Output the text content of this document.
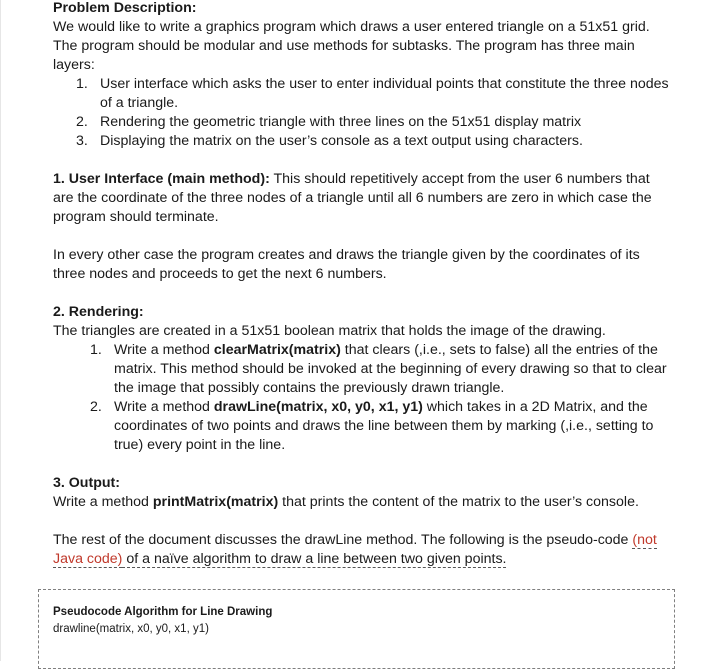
Problem Description:

We would like to write a graphics program which draws a user entered triangle on a 51x51 grid. The program should be modular and use methods for subtasks. The program has three main layers:

1. User interface which asks the user to enter individual points that constitute the three nodes of a triangle.
2. Rendering the geometric triangle with three lines on the 51x51 display matrix
3. Displaying the matrix on the user’s console as a text output using characters.

1. User Interface (main method): This should repetitively accept from the user 6 numbers that are the coordinate of the three nodes of a triangle until all 6 numbers are zero in which case the program should terminate.

In every other case the program creates and draws the triangle given by the coordinates of its three nodes and proceeds to get the next 6 numbers.

2. Rendering:

The triangles are created in a 51x51 boolean matrix that holds the image of the drawing.

1. Write a method clearMatrix(matrix) that clears (,i.e., sets to false) all the entries of the matrix. This method should be invoked at the beginning of every drawing so that to clear the image that possibly contains the previously drawn triangle.
2. Write a method drawLine(matrix, x0, y0, x1, y1) which takes in a 2D Matrix, and the coordinates of two points and draws the line between them by marking (,i.e., setting to true) every point in the line.

3. Output:

Write a method printMatrix(matrix) that prints the content of the matrix to the user’s console.

The rest of the document discusses the drawLine method. The following is the pseudo-code (not Java code) of a naïve algorithm to draw a line between two given points.

Pseudocode Algorithm for Line Drawing
drawline(matrix, x0, y0, x1, y1)
